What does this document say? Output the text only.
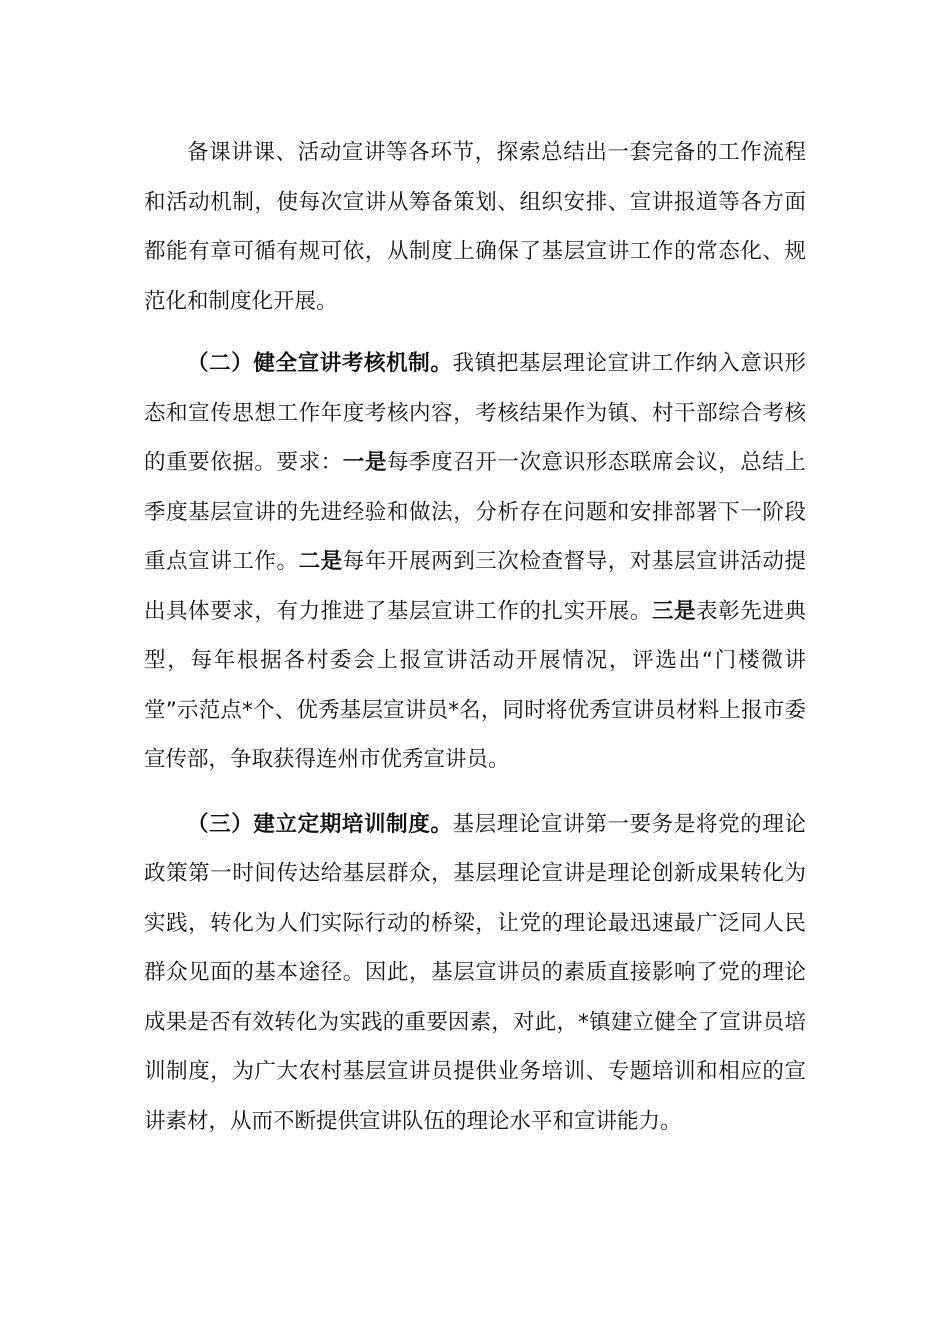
备课讲课、活动宣讲等各环节，探索总结出一套完备的工作流程和活动机制，使每次宣讲从筹备策划、组织安排、宣讲报道等各方面都能有章可循有规可依，从制度上确保了基层宣讲工作的常态化、规范化和制度化开展。

（二）健全宣讲考核机制。我镇把基层理论宣讲工作纳入意识形态和宣传思想工作年度考核内容，考核结果作为镇、村干部综合考核的重要依据。要求：一是每季度召开一次意识形态联席会议，总结上季度基层宣讲的先进经验和做法，分析存在问题和安排部署下一阶段重点宣讲工作。二是每年开展两到三次检查督导，对基层宣讲活动提出具体要求，有力推进了基层宣讲工作的扎实开展。三是表彰先进典型，每年根据各村委会上报宣讲活动开展情况，评选出“门楼微讲堂”示范点*个、优秀基层宣讲员*名，同时将优秀宣讲员材料上报市委宣传部，争取获得连州市优秀宣讲员。

（三）建立定期培训制度。基层理论宣讲第一要务是将党的理论政策第一时间传达给基层群众，基层理论宣讲是理论创新成果转化为实践，转化为人们实际行动的桥梁，让党的理论最迅速最广泛同人民群众见面的基本途径。因此，基层宣讲员的素质直接影响了党的理论成果是否有效转化为实践的重要因素，对此，*镇建立健全了宣讲员培训制度，为广大农村基层宣讲员提供业务培训、专题培训和相应的宣讲素材，从而不断提供宣讲队伍的理论水平和宣讲能力。
